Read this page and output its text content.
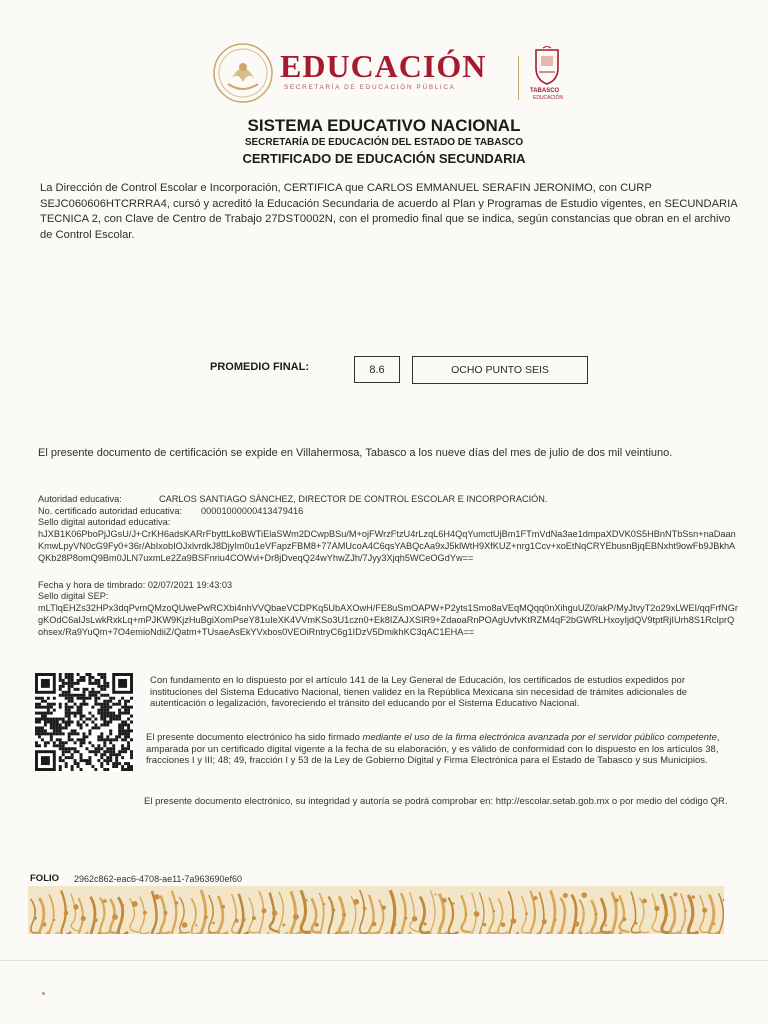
EDUCACIÓN
SECRETARÍA DE EDUCACIÓN PÚBLICA	TABASCO
EDUCACIÓN
SISTEMA EDUCATIVO NACIONAL
SECRETARÍA DE EDUCACIÓN DEL ESTADO DE TABASCO
CERTIFICADO DE EDUCACIÓN SECUNDARIA
La Dirección de Control Escolar e Incorporación, CERTIFICA que CARLOS EMMANUEL SERAFIN JERONIMO, con CURP SEJC060606HTCRRRA4, cursó y acreditó la Educación Secundaria de acuerdo al Plan y Programas de Estudio vigentes, en SECUNDARIA TECNICA 2, con Clave de Centro de Trabajo 27DST0002N, con el promedio final que se indica, según constancias que obran en el archivo de Control Escolar.
PROMEDIO FINAL:	8.6	OCHO PUNTO SEIS
El presente documento de certificación se expide en Villahermosa, Tabasco a los nueve días del mes de julio de dos mil veintiuno.
Autoridad educativa:	CARLOS SANTIAGO SÁNCHEZ, DIRECTOR DE CONTROL ESCOLAR E INCORPORACIÓN.
No. certificado autoridad educativa: 00001000000413479416
Sello digital autoridad educativa:
hJXB1K06PboPjJGsU/J+CrKH6adsKARrFbyttLkoBWTiElaSWm2DCwpBSu/M+ojFWrzFtzU4rLzqL6H4QqYumctUjBm1FTmVdNa3ae1dmpaXDVK0S5HBnNTbSsn+naDaanKmwLpyVN0cG9Fy0+36r/AbIxobIOJxlvrdkJ8DjyIm0u1eVFapzFBM8+77AMUcoA4C6qsYABQcAa9xJ5klWtH9XfKUZ+nrg1Ccv+xoEtNqCRYEbusnBjqEBNxht9owFb9JBkhAQKb28P8omQ9Bm0JLN7uxmLe2Za9BSFnriu4COWvl+Dr8jDveqQ24wYhwZJh/7Jyy3Xjqh5WCeOGdYw==
Fecha y hora de timbrado: 02/07/2021 19:43:03
Sello digital SEP:
mLTlqEHZs32HPx3dqPvmQMzoQUwePwRCXbi4nhVVQbaeVCDPKq5UbAXOwH/FE8uSmOAPW+P2yts1Smo8aVEqMQqq0nXihguUZ0/akP/MyJtvyT2o29xLWEI/qqFrfNGrgKOdC6aIJsLwkRxkLq+mPJKW9KjzHuBgiXomPseY81uIeXK4VVmKSo3U1czn0+Ek8IZAJXSIR9+ZdaoaRnPOAgUvfvKtRZM4qF2bGWRLHxoyIjdQV9tptRjIUrh8S1RcIprQohsex/Ra9YuQm+7O4emioNdiiZ/Qatm+TUsaeAsEkYVxbos0VEOiRntryC6g1IDzV5DmikhKC3qAC1EHA==
Con fundamento en lo dispuesto por el artículo 141 de la Ley General de Educación, los certificados de estudios expedidos por instituciones del Sistema Educativo Nacional, tienen validez en la República Mexicana sin necesidad de trámites adicionales de autenticación o legalización, favoreciendo el tránsito del educando por el Sistema Educativo Nacional.
El presente documento electrónico ha sido firmado mediante el uso de la firma electrónica avanzada por el servidor público competente, amparada por un certificado digital vigente a la fecha de su elaboración, y es válido de conformidad con lo dispuesto en los artículos 38, fracciones I y III; 48; 49, fracción I y 53 de la Ley de Gobierno Digital y Firma Electrónica para el Estado de Tabasco y sus Municipios.
El presente documento electrónico, su integridad y autoría se podrá comprobar en: http://escolar.setab.gob.mx o por medio del código QR.
FOLIO 2962c862-eac6-4708-ae11-7a963690ef60
